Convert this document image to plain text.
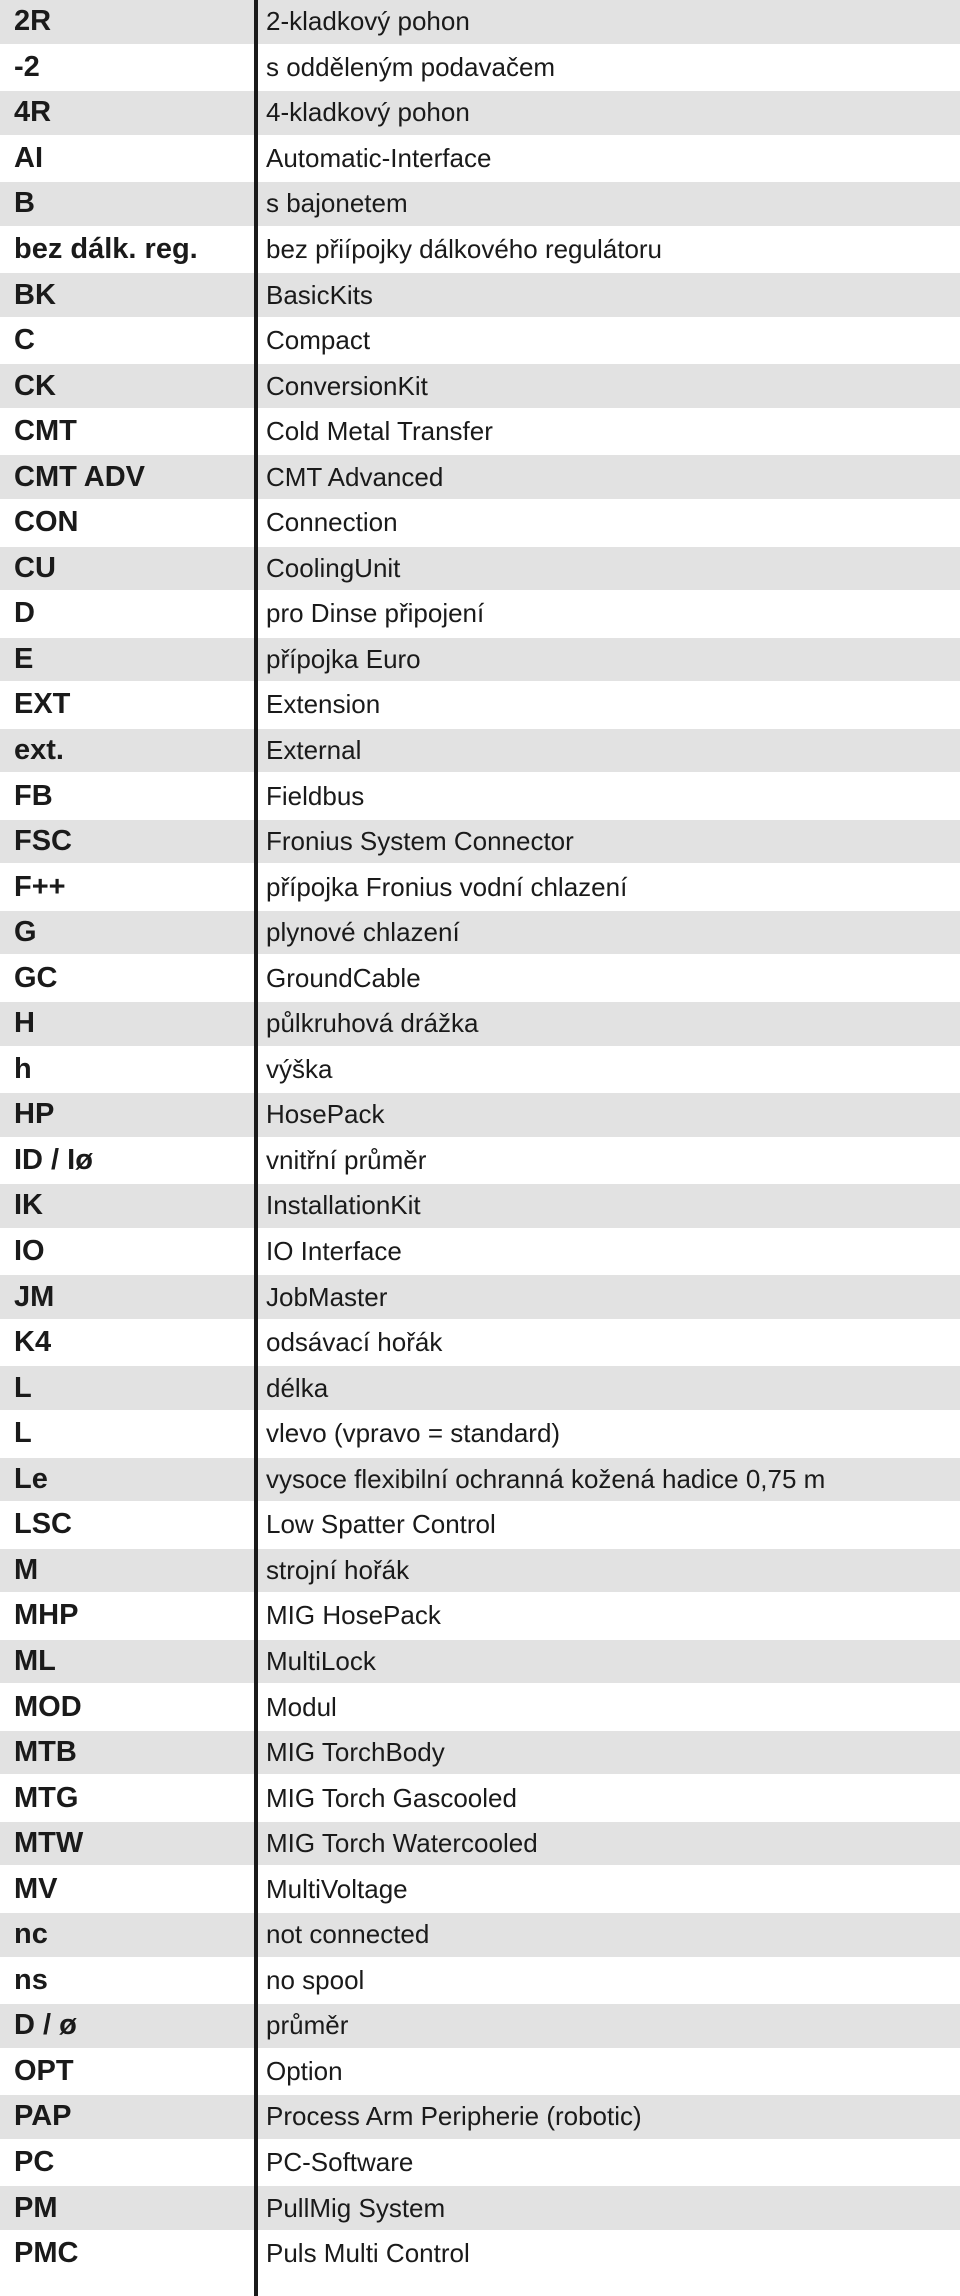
2R	2-kladkový pohon
-2	s odděleným podavačem
4R	4-kladkový pohon
AI	Automatic-Interface
B	s bajonetem
bez dálk. reg.	bez přiípojky dálkového regulátoru
BK	BasicKits
C	Compact
CK	ConversionKit
CMT	Cold Metal Transfer
CMT ADV	CMT Advanced
CON	Connection
CU	CoolingUnit
D	pro Dinse připojení
E	přípojka Euro
EXT	Extension
ext.	External
FB	Fieldbus
FSC	Fronius System Connector
F++	přípojka Fronius vodní chlazení
G	plynové chlazení
GC	GroundCable
H	půlkruhová drážka
h	výška
HP	HosePack
ID / Iø	vnitřní průměr
IK	InstallationKit
IO	IO Interface
JM	JobMaster
K4	odsávací hořák
L	délka
L	vlevo (vpravo = standard)
Le	vysoce flexibilní ochranná kožená hadice 0,75 m
LSC	Low Spatter Control
M	strojní hořák
MHP	MIG HosePack
ML	MultiLock
MOD	Modul
MTB	MIG TorchBody
MTG	MIG Torch Gascooled
MTW	MIG Torch Watercooled
MV	MultiVoltage
nc	not connected
ns	no spool
D / ø	průměr
OPT	Option
PAP	Process Arm Peripherie (robotic)
PC	PC-Software
PM	PullMig System
PMC	Puls Multi Control
